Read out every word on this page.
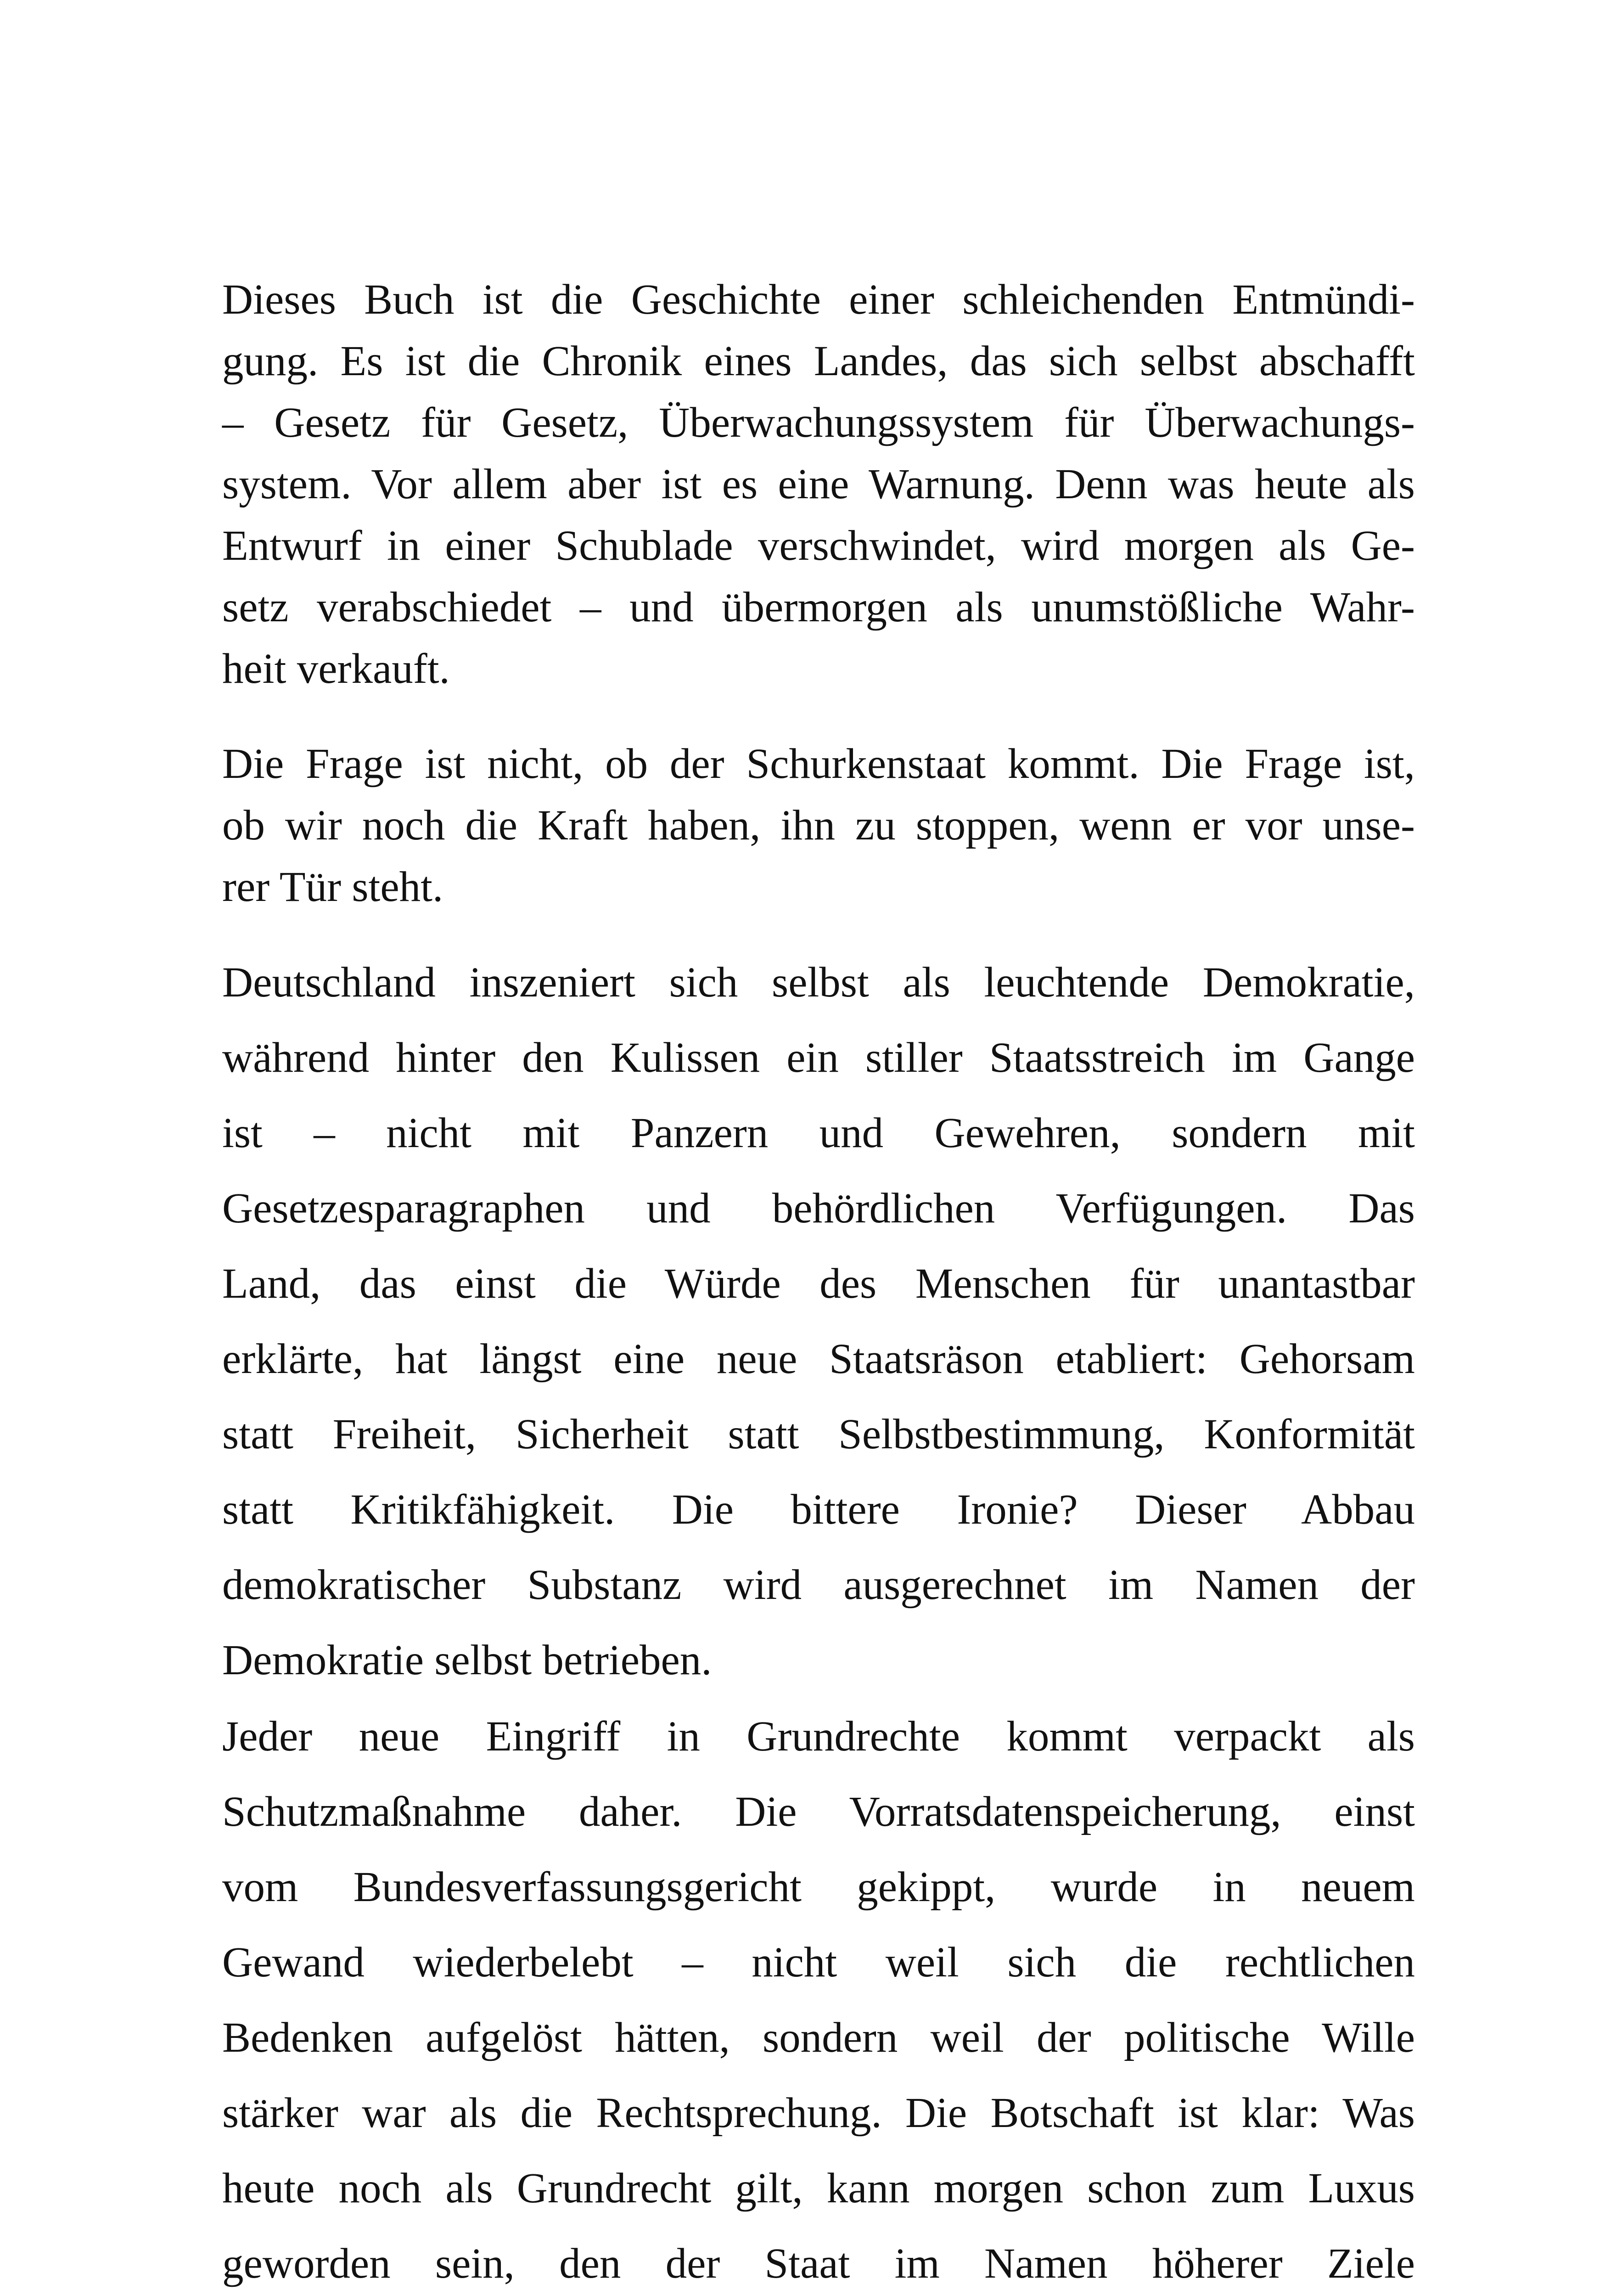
Dieses Buch ist die Geschichte einer schleichenden Entmündi-
gung. Es ist die Chronik eines Landes, das sich selbst abschafft
– Gesetz für Gesetz, Überwachungssystem für Überwachungs-
system. Vor allem aber ist es eine Warnung. Denn was heute als
Entwurf in einer Schublade verschwindet, wird morgen als Ge-
setz verabschiedet – und übermorgen als unumstößliche Wahr-
heit verkauft.
Die Frage ist nicht, ob der Schurkenstaat kommt. Die Frage ist,
ob wir noch die Kraft haben, ihn zu stoppen, wenn er vor unse-
rer Tür steht.
Deutschland inszeniert sich selbst als leuchtende Demokratie,
während hinter den Kulissen ein stiller Staatsstreich im Gange
ist – nicht mit Panzern und Gewehren, sondern mit
Gesetzesparagraphen und behördlichen Verfügungen. Das
Land, das einst die Würde des Menschen für unantastbar
erklärte, hat längst eine neue Staatsräson etabliert: Gehorsam
statt Freiheit, Sicherheit statt Selbstbestimmung, Konformität
statt Kritikfähigkeit. Die bittere Ironie? Dieser Abbau
demokratischer Substanz wird ausgerechnet im Namen der
Demokratie selbst betrieben.
Jeder neue Eingriff in Grundrechte kommt verpackt als
Schutzmaßnahme daher. Die Vorratsdatenspeicherung, einst
vom Bundesverfassungsgericht gekippt, wurde in neuem
Gewand wiederbelebt – nicht weil sich die rechtlichen
Bedenken aufgelöst hätten, sondern weil der politische Wille
stärker war als die Rechtsprechung. Die Botschaft ist klar: Was
heute noch als Grundrecht gilt, kann morgen schon zum Luxus
geworden sein, den der Staat im Namen höherer Ziele
